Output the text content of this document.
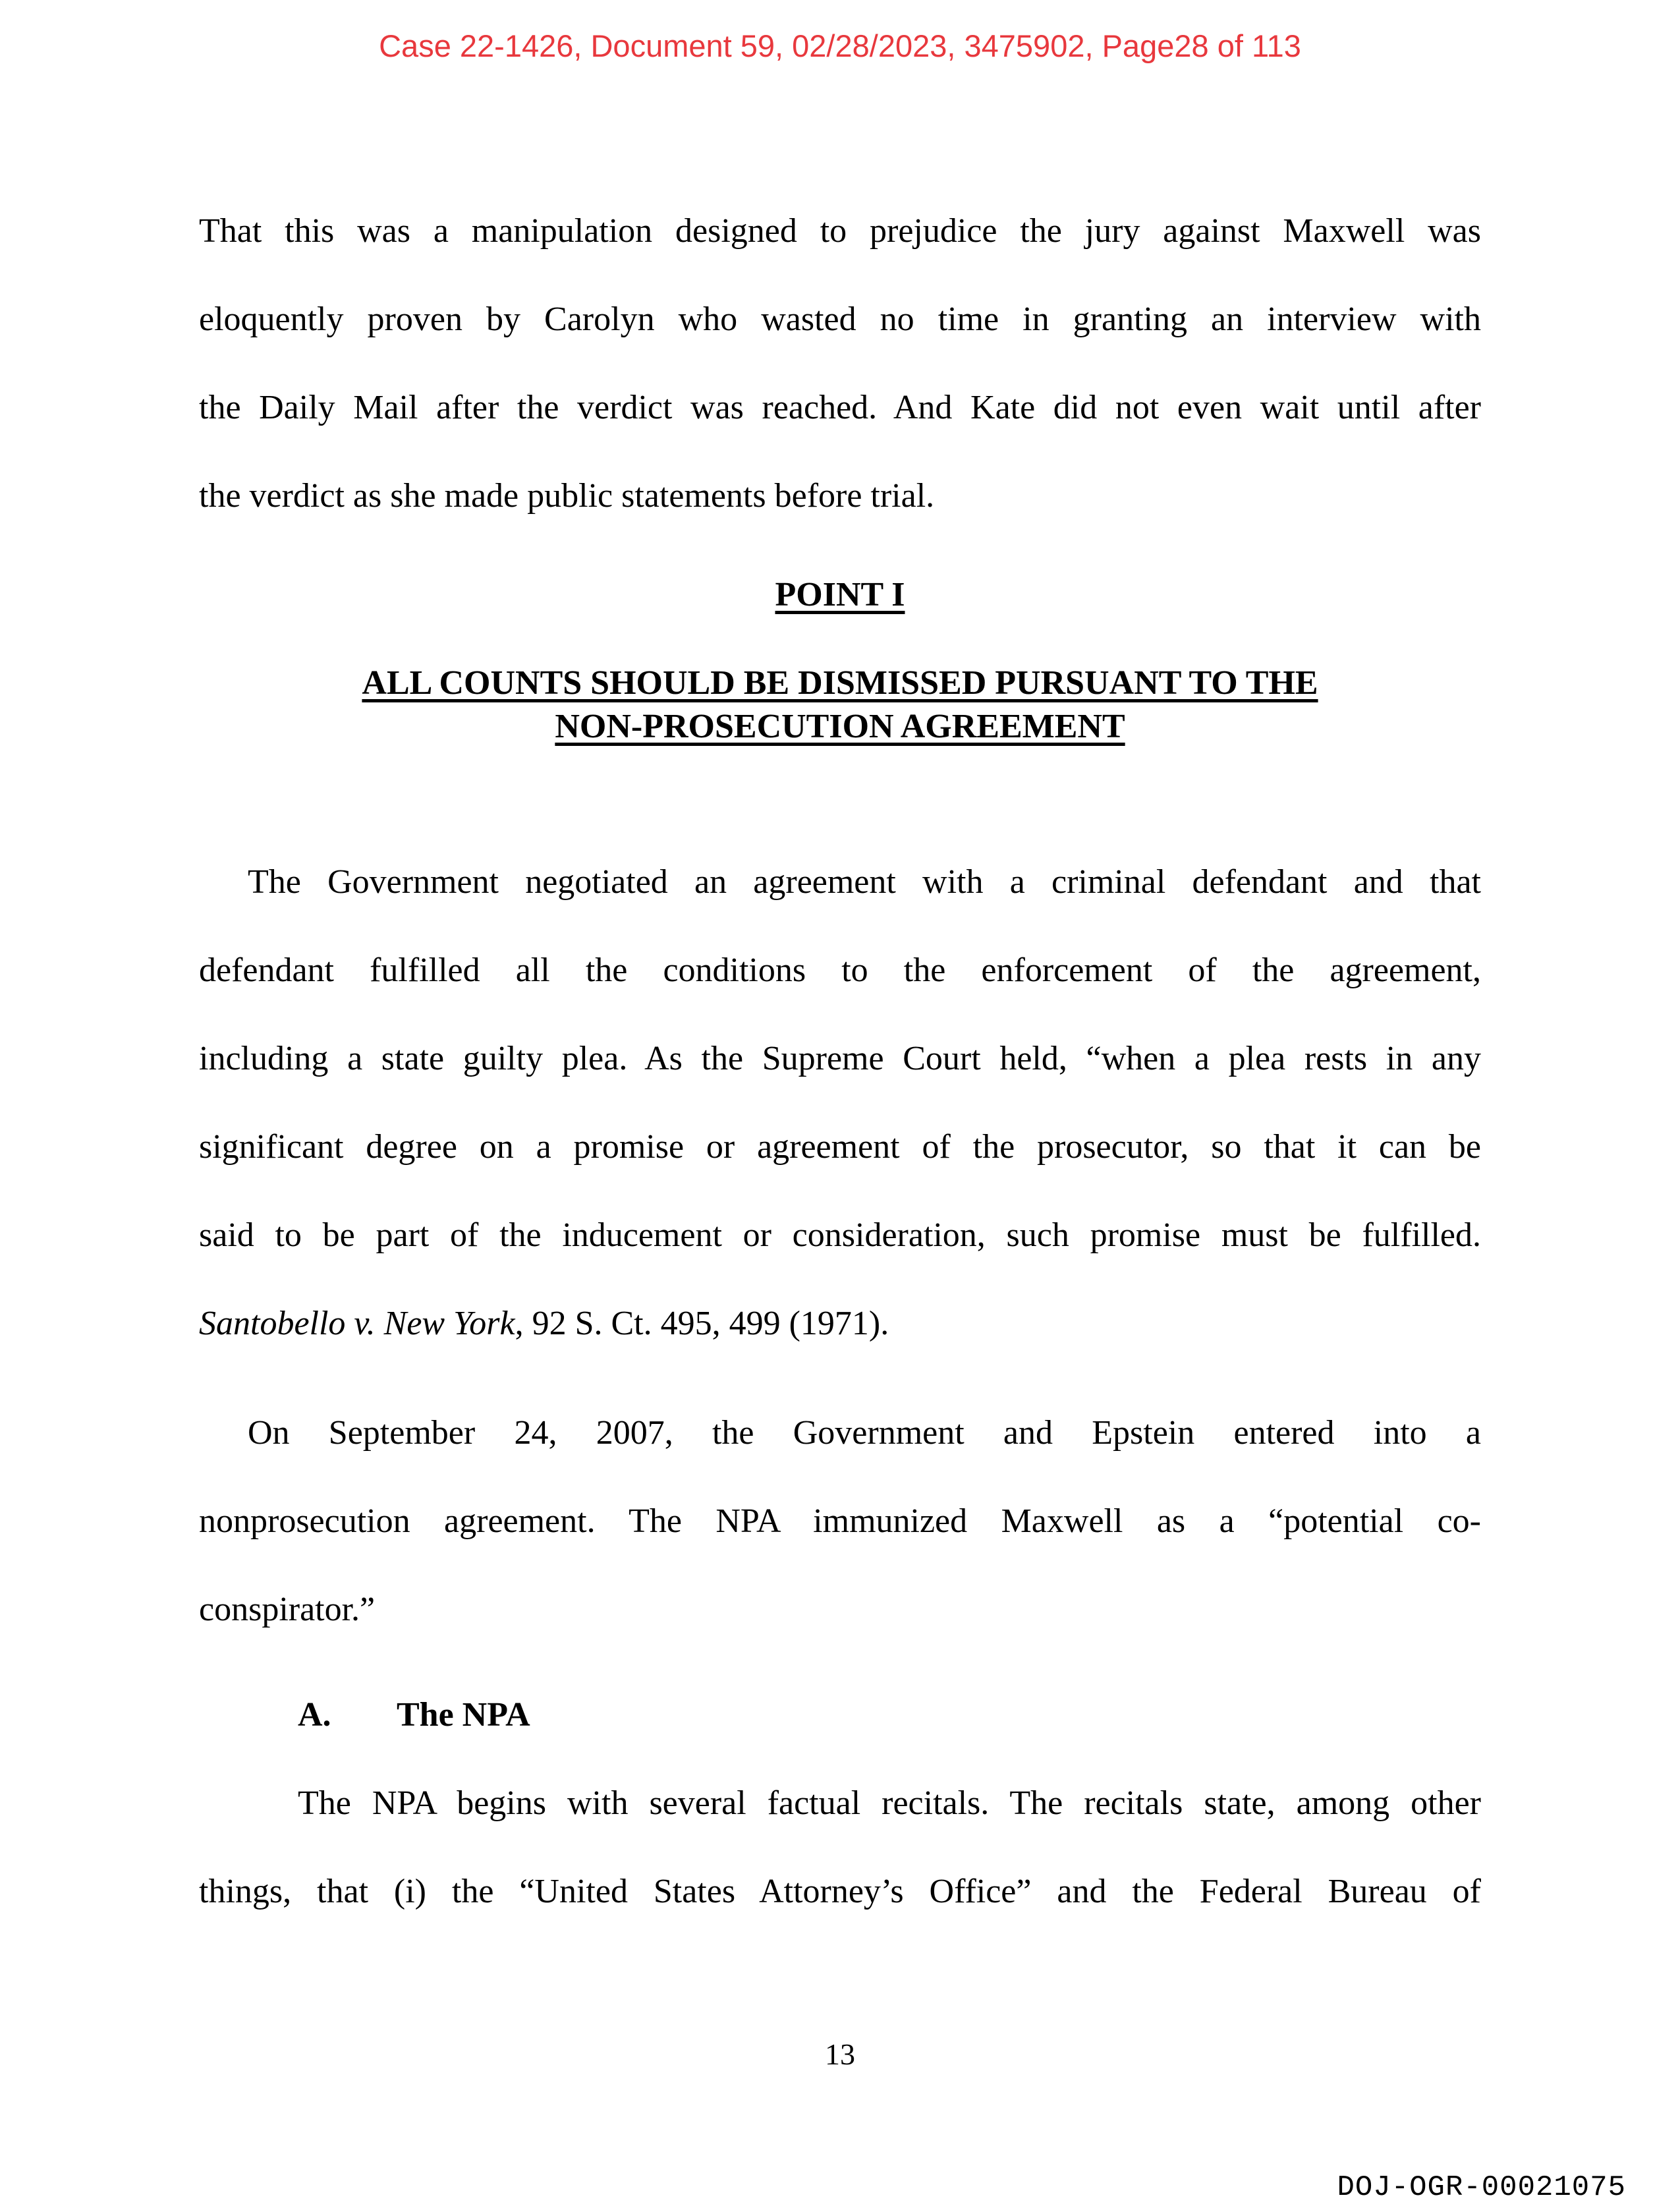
Case 22-1426, Document 59, 02/28/2023, 3475902, Page28 of 113

That this was a manipulation designed to prejudice the jury against Maxwell was
eloquently proven by Carolyn who wasted no time in granting an interview with
the Daily Mail after the verdict was reached. And Kate did not even wait until after
the verdict as she made public statements before trial.

POINT I
ALL COUNTS SHOULD BE DISMISSED PURSUANT TO THE
NON-PROSECUTION AGREEMENT

The Government negotiated an agreement with a criminal defendant and that
defendant fulfilled all the conditions to the enforcement of the agreement,
including a state guilty plea. As the Supreme Court held, “when a plea rests in any
significant degree on a promise or agreement of the prosecutor, so that it can be
said to be part of the inducement or consideration, such promise must be fulfilled.
Santobello v. New York, 92 S. Ct. 495, 499 (1971).

On September 24, 2007, the Government and Epstein entered into a
nonprosecution agreement. The NPA immunized Maxwell as a “potential co-
conspirator.”

A. The NPA

The NPA begins with several factual recitals. The recitals state, among other
things, that (i) the “United States Attorney’s Office” and the Federal Bureau of

13
DOJ-OGR-00021075
